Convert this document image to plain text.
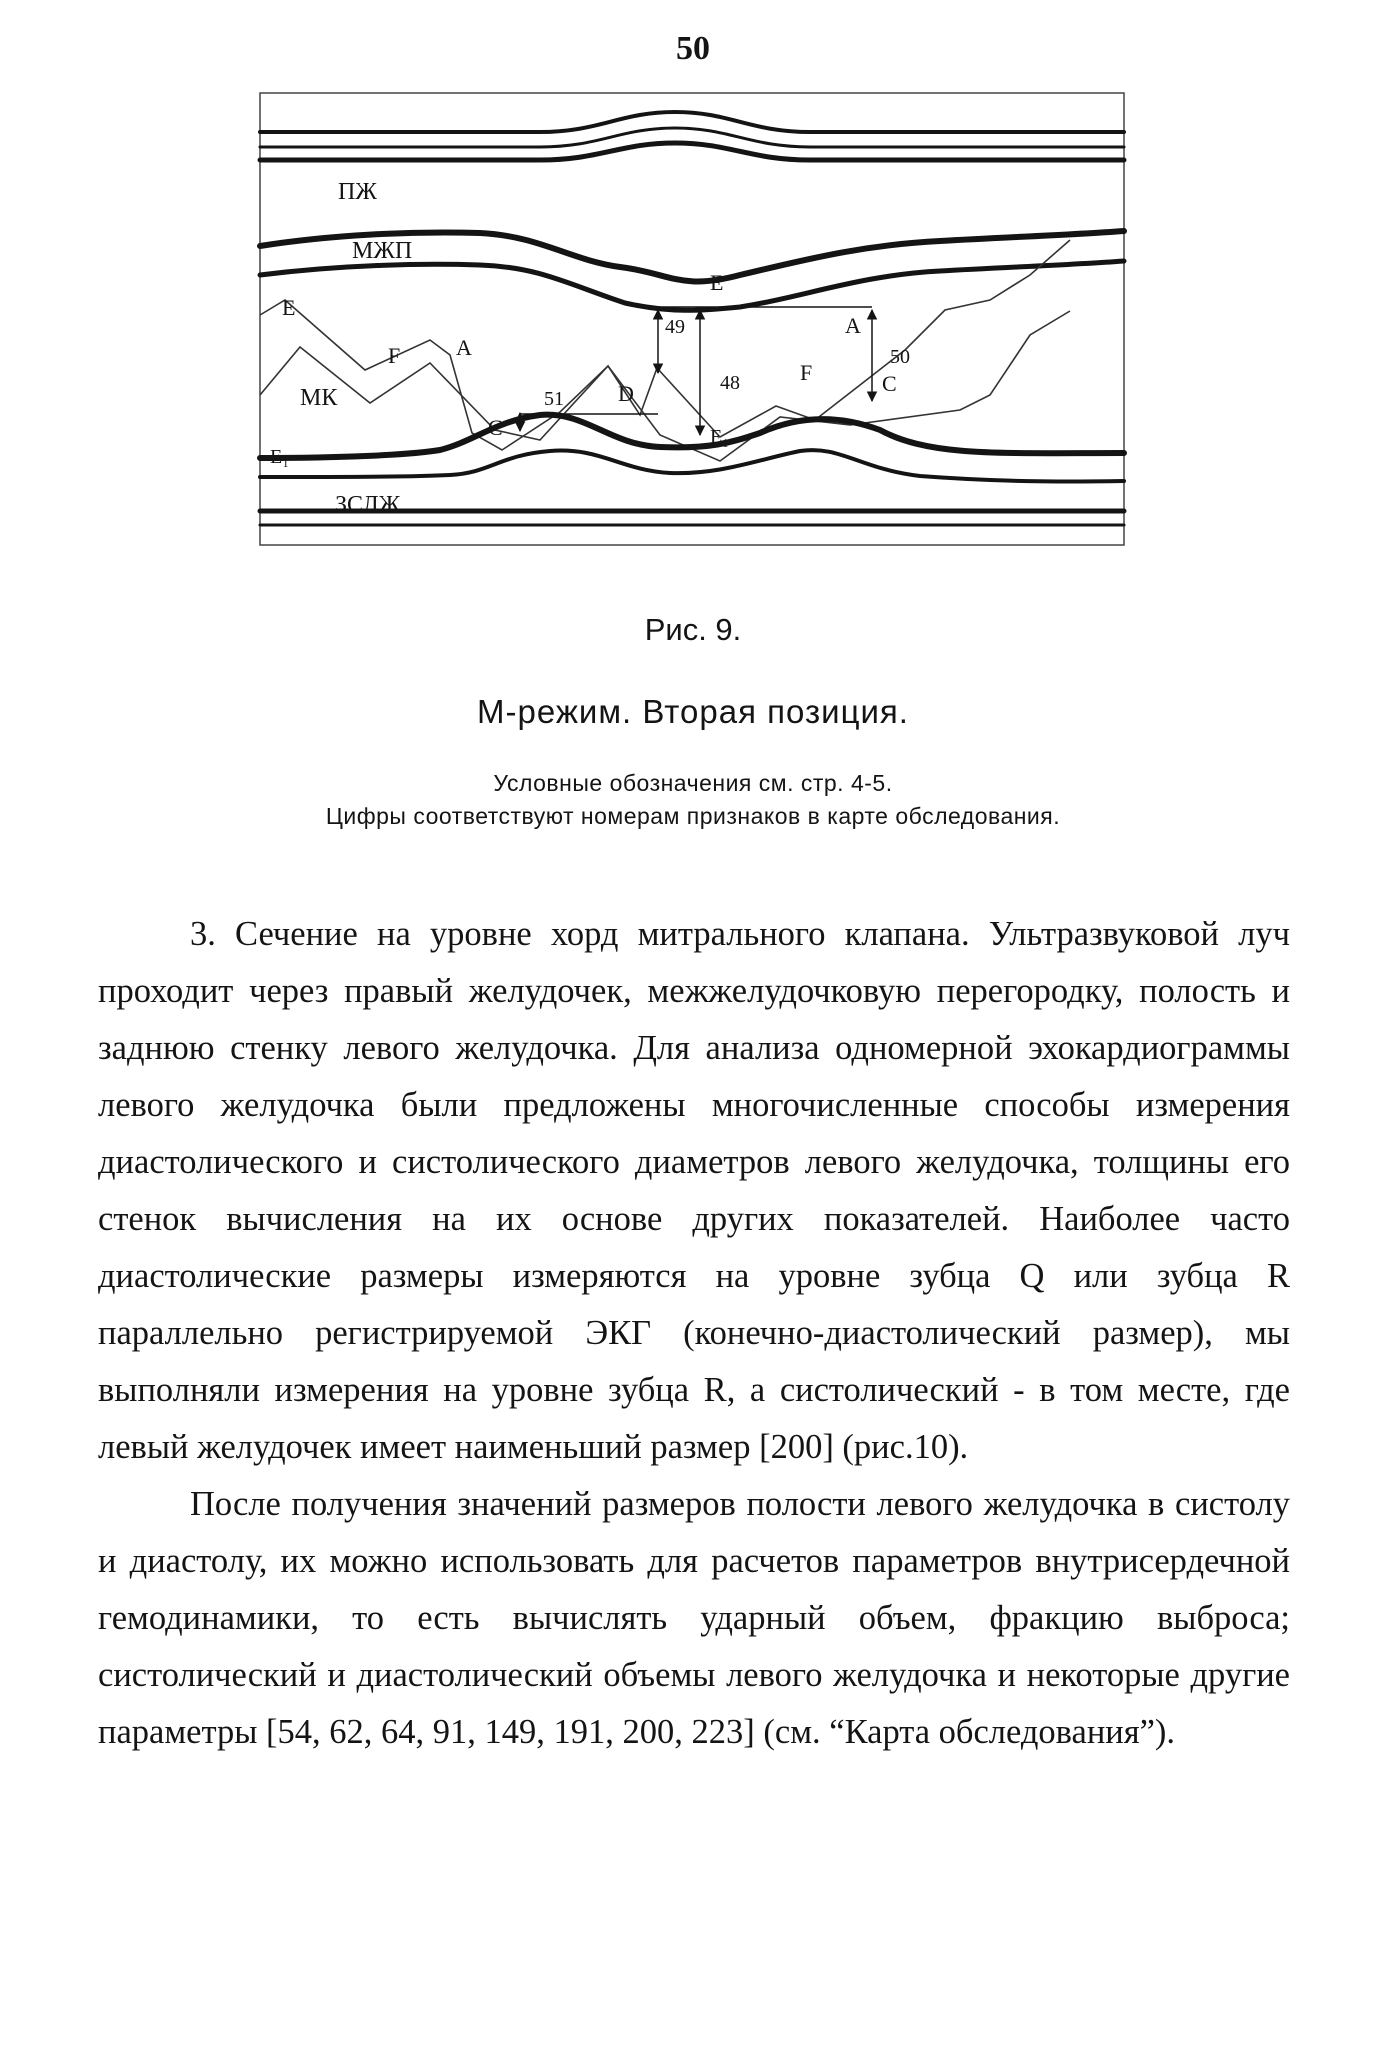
50
ПЖ
МЖП
МК
ЗСЛЖ
E
E₁
F	A
C
D
E
E₁
F
A
C
49
48
51
50
Рис. 9.
М-режим. Вторая позиция.
Условные обозначения см. стр. 4-5.
Цифры соответствуют номерам признаков в карте обследования.

3. Сечение на уровне хорд митрального клапана. Ультразвуковой луч проходит через правый желудочек, межжелудочковую перегородку, полость и заднюю стенку левого желудочка. Для анализа одномерной эхокардиограммы левого желудочка были предложены многочисленные способы измерения диастолического и систолического диаметров левого желудочка, толщины его стенок вычисления на их основе других показателей. Наиболее часто диастолические размеры измеряются на уровне зубца Q или зубца R параллельно регистрируемой ЭКГ (конечно-диастолический размер), мы выполняли измерения на уровне зубца R, а систолический - в том месте, где левый желудочек имеет наименьший размер [200] (рис.10).

После получения значений размеров полости левого желудочка в систолу и диастолу, их можно использовать для расчетов параметров внутрисердечной гемодинамики, то есть вычислять ударный объем, фракцию выброса; систолический и диастолический объемы левого желудочка и некоторые другие параметры [54, 62, 64, 91, 149, 191, 200, 223] (см. “Карта обследования”).
